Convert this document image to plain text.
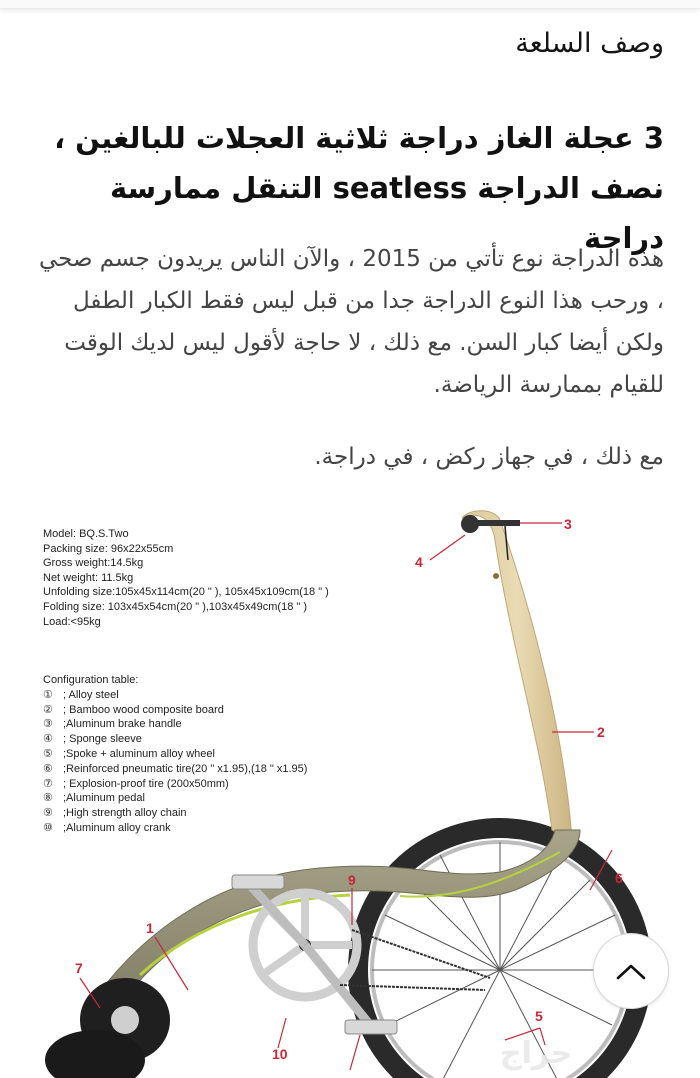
وصف السلعة
3 عجلة الغاز دراجة ثلاثية العجلات للبالغين ، نصف الدراجة seatless التنقل ممارسة دراجة

هذه الدراجة نوع تأتي من 2015 ، والآن الناس يريدون جسم صحي ، ورحب هذا النوع الدراجة جدا من قبل ليس فقط الكبار الطفل ولكن أيضا كبار السن. مع ذلك ، لا حاجة لأقول ليس لديك الوقت للقيام بممارسة الرياضة.

مع ذلك ، في جهاز ركض ، في دراجة.

Model: BQ.S.Two
Packing size: 96x22x55cm
Gross weight:14.5kg
Net weight: 11.5kg
Unfolding size:105x45x114cm(20 " ), 105x45x109cm(18 " )
Folding size: 103x45x54cm(20 " ),103x45x49cm(18 " )
Load:<95kg
Configuration table:
① ; Alloy steel
② ; Bamboo wood composite board
③ ;Aluminum brake handle
④ ; Sponge sleeve
⑤ ;Spoke + aluminum alloy wheel
⑥ ;Reinforced pneumatic tire(20 " x1.95),(18 " x1.95)
⑦ ; Explosion-proof tire (200x50mm)
⑧ ;Aluminum pedal
⑨ ;High strength alloy chain
⑩ ;Aluminum alloy crank
3
4
2
1
7
9
10
6
5
حراج
